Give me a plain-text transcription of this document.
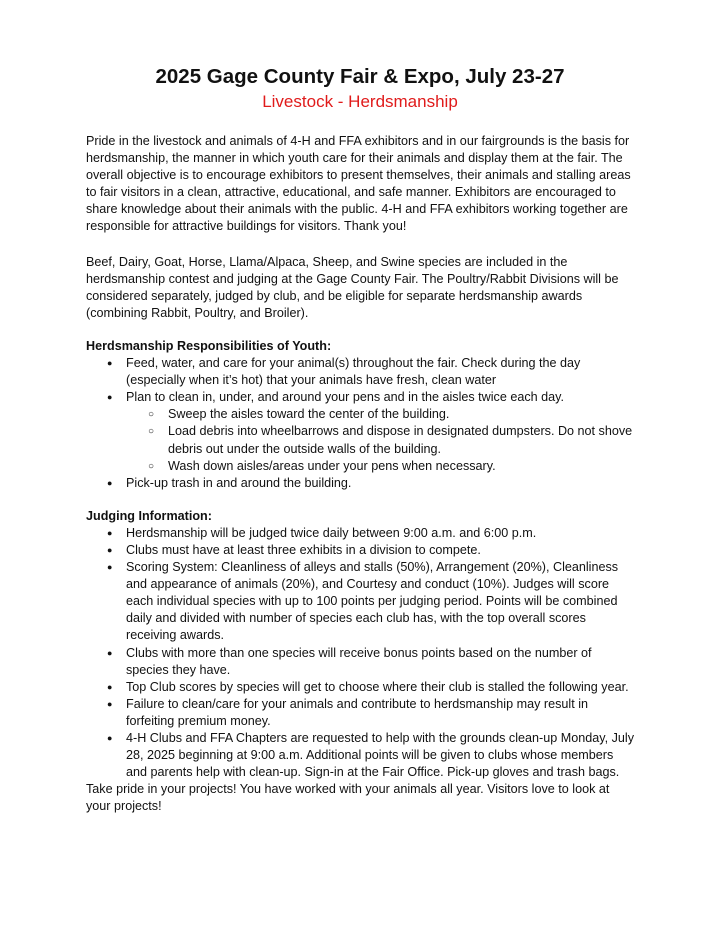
2025 Gage County Fair & Expo, July 23-27
Livestock - Herdsmanship

Pride in the livestock and animals of 4-H and FFA exhibitors and in our fairgrounds is the basis for herdsmanship, the manner in which youth care for their animals and display them at the fair. The overall objective is to encourage exhibitors to present themselves, their animals and stalling areas to fair visitors in a clean, attractive, educational, and safe manner. Exhibitors are encouraged to share knowledge about their animals with the public. 4-H and FFA exhibitors working together are responsible for attractive buildings for visitors. Thank you!

Beef, Dairy, Goat, Horse, Llama/Alpaca, Sheep, and Swine species are included in the herdsmanship contest and judging at the Gage County Fair. The Poultry/Rabbit Divisions will be considered separately, judged by club, and be eligible for separate herdsmanship awards (combining Rabbit, Poultry, and Broiler).

Herdsmanship Responsibilities of Youth:
● Feed, water, and care for your animal(s) throughout the fair. Check during the day (especially when it’s hot) that your animals have fresh, clean water
● Plan to clean in, under, and around your pens and in the aisles twice each day.
○ Sweep the aisles toward the center of the building.
○ Load debris into wheelbarrows and dispose in designated dumpsters. Do not shove debris out under the outside walls of the building.
○ Wash down aisles/areas under your pens when necessary.
● Pick-up trash in and around the building.
Judging Information:
● Herdsmanship will be judged twice daily between 9:00 a.m. and 6:00 p.m.
● Clubs must have at least three exhibits in a division to compete.
● Scoring System: Cleanliness of alleys and stalls (50%), Arrangement (20%), Cleanliness and appearance of animals (20%), and Courtesy and conduct (10%). Judges will score each individual species with up to 100 points per judging period. Points will be combined daily and divided with number of species each club has, with the top overall scores receiving awards.
● Clubs with more than one species will receive bonus points based on the number of species they have.
● Top Club scores by species will get to choose where their club is stalled the following year.
● Failure to clean/care for your animals and contribute to herdsmanship may result in forfeiting premium money.
● 4-H Clubs and FFA Chapters are requested to help with the grounds clean-up Monday, July 28, 2025 beginning at 9:00 a.m. Additional points will be given to clubs whose members and parents help with clean-up. Sign-in at the Fair Office. Pick-up gloves and trash bags.

Take pride in your projects! You have worked with your animals all year. Visitors love to look at your projects!
